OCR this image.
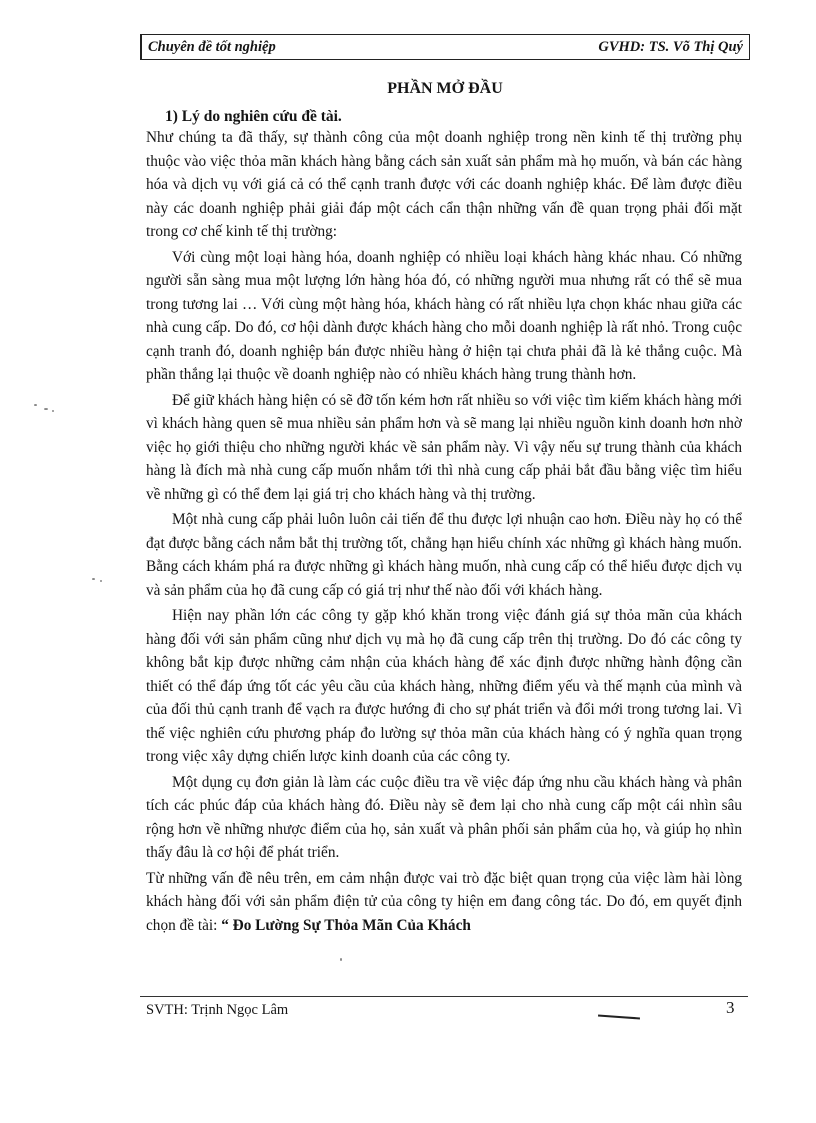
Chuyên đề tốt nghiệp	GVHD: TS. Võ Thị Quý
PHẦN MỞ ĐẦU
1) Lý do nghiên cứu đề tài.

Như chúng ta đã thấy, sự thành công của một doanh nghiệp trong nền kinh tế thị trường phụ thuộc vào việc thỏa mãn khách hàng bằng cách sản xuất sản phẩm mà họ muốn, và bán các hàng hóa và dịch vụ với giá cả có thể cạnh tranh được với các doanh nghiệp khác. Để làm được điều này các doanh nghiệp phải giải đáp một cách cẩn thận những vấn đề quan trọng phải đối mặt trong cơ chế kinh tế thị trường:

Với cùng một loại hàng hóa, doanh nghiệp có nhiều loại khách hàng khác nhau. Có những người sẵn sàng mua một lượng lớn hàng hóa đó, có những người mua nhưng rất có thể sẽ mua trong tương lai … Với cùng một hàng hóa, khách hàng có rất nhiều lựa chọn khác nhau giữa các nhà cung cấp. Do đó, cơ hội dành được khách hàng cho mỗi doanh nghiệp là rất nhỏ. Trong cuộc cạnh tranh đó, doanh nghiệp bán được nhiều hàng ở hiện tại chưa phải đã là kẻ thắng cuộc. Mà phần thắng lại thuộc về doanh nghiệp nào có nhiều khách hàng trung thành hơn.

Để giữ khách hàng hiện có sẽ đỡ tốn kém hơn rất nhiều so với việc tìm kiếm khách hàng mới vì khách hàng quen sẽ mua nhiều sản phẩm hơn và sẽ mang lại nhiều nguồn kinh doanh hơn nhờ việc họ giới thiệu cho những người khác về sản phẩm này. Vì vậy nếu sự trung thành của khách hàng là đích mà nhà cung cấp muốn nhắm tới thì nhà cung cấp phải bắt đầu bằng việc tìm hiểu về những gì có thể đem lại giá trị cho khách hàng và thị trường.

Một nhà cung cấp phải luôn luôn cải tiến để thu được lợi nhuận cao hơn. Điều này họ có thể đạt được bằng cách nắm bắt thị trường tốt, chẳng hạn hiểu chính xác những gì khách hàng muốn. Bằng cách khám phá ra được những gì khách hàng muốn, nhà cung cấp có thể hiểu được dịch vụ và sản phẩm của họ đã cung cấp có giá trị như thế nào đối với khách hàng.

Hiện nay phần lớn các công ty gặp khó khăn trong việc đánh giá sự thỏa mãn của khách hàng đối với sản phẩm cũng như dịch vụ mà họ đã cung cấp trên thị trường. Do đó các công ty không bắt kịp được những cảm nhận của khách hàng để xác định được những hành động cần thiết có thể đáp ứng tốt các yêu cầu của khách hàng, những điểm yếu và thế mạnh của mình và của đối thủ cạnh tranh để vạch ra được hướng đi cho sự phát triển và đổi mới trong tương lai. Vì thế việc nghiên cứu phương pháp đo lường sự thỏa mãn của khách hàng có ý nghĩa quan trọng trong việc xây dựng chiến lược kinh doanh của các công ty.

Một dụng cụ đơn giản là làm các cuộc điều tra về việc đáp ứng nhu cầu khách hàng và phân tích các phúc đáp của khách hàng đó. Điều này sẽ đem lại cho nhà cung cấp một cái nhìn sâu rộng hơn về những nhược điểm của họ, sản xuất và phân phối sản phẩm của họ, và giúp họ nhìn thấy đâu là cơ hội để phát triển.

Từ những vấn đề nêu trên, em cảm nhận được vai trò đặc biệt quan trọng của việc làm hài lòng khách hàng đối với sản phẩm điện tử của công ty hiện em đang công tác. Do đó, em quyết định chọn đề tài: “ Đo Lường Sự Thỏa Mãn Của Khách

SVTH: Trịnh Ngọc Lâm	3
